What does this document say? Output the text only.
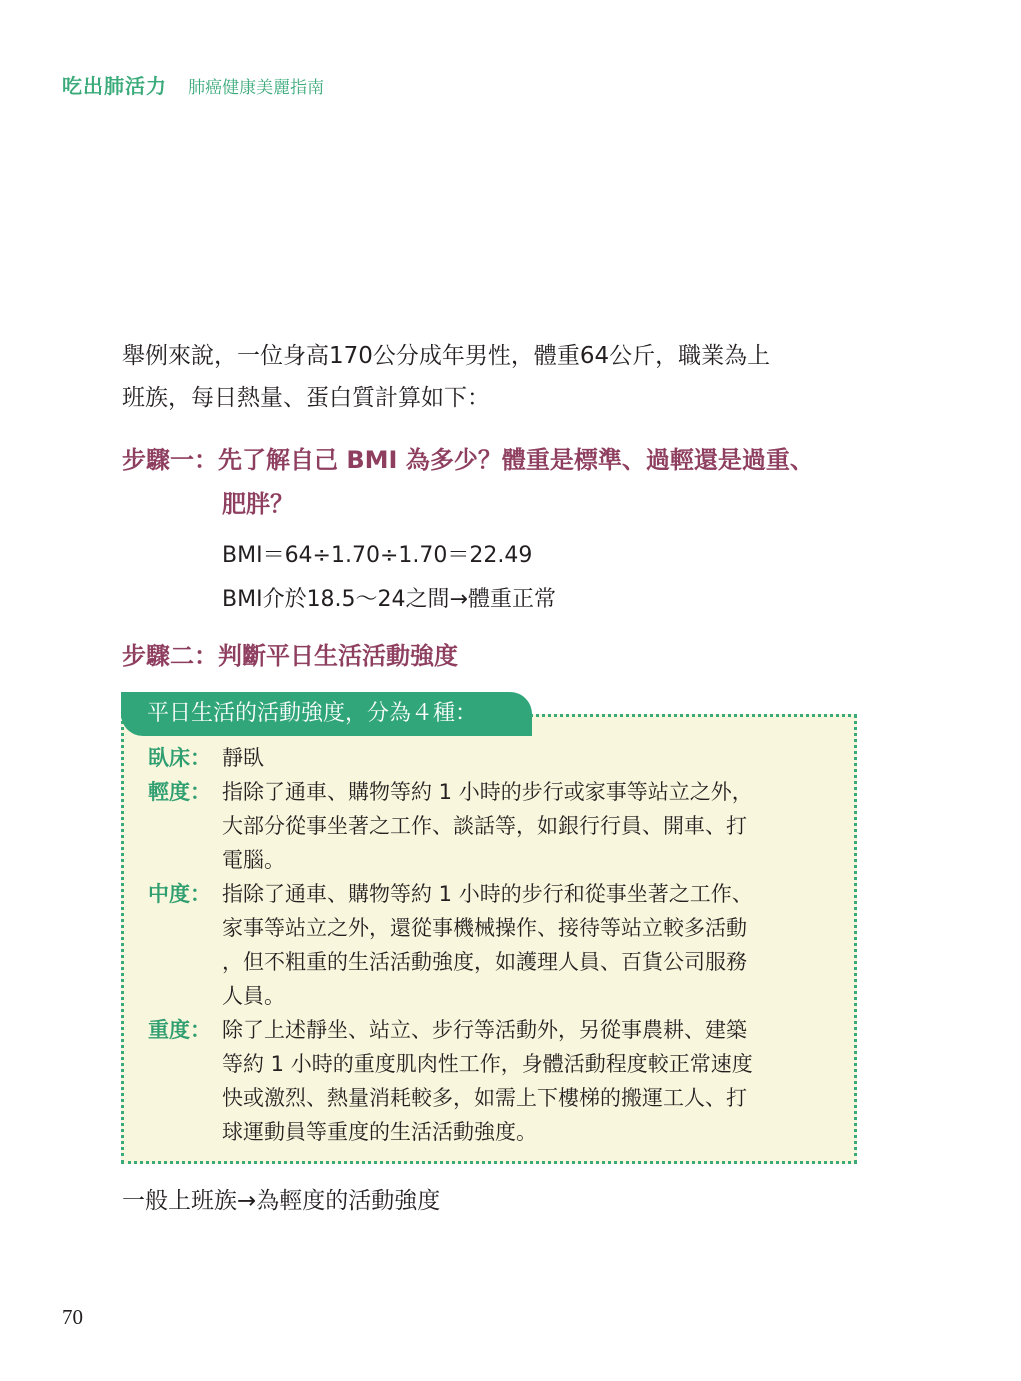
吃出肺活力 肺癌健康美麗指南
舉例來說，一位身高170公分成年男性，體重64公斤，職業為上
班族，每日熱量、蛋白質計算如下：
步驟一：先了解自己 BMI 為多少？體重是標準、過輕還是過重、
肥胖？
BMI＝64÷1.70÷1.70＝22.49
BMI介於18.5～24之間→體重正常
步驟二：判斷平日生活活動強度
平日生活的活動強度，分為４種：
臥床： 靜臥
輕度： 指除了通車、購物等約 1 小時的步行或家事等站立之外，
大部分從事坐著之工作、談話等，如銀行行員、開車、打
電腦。
中度： 指除了通車、購物等約 1 小時的步行和從事坐著之工作、
家事等站立之外，還從事機械操作、接待等站立較多活動
，但不粗重的生活活動強度，如護理人員、百貨公司服務
人員。
重度： 除了上述靜坐、站立、步行等活動外，另從事農耕、建築
等約 1 小時的重度肌肉性工作，身體活動程度較正常速度
快或激烈、熱量消耗較多，如需上下樓梯的搬運工人、打
球運動員等重度的生活活動強度。
一般上班族→為輕度的活動強度
70
